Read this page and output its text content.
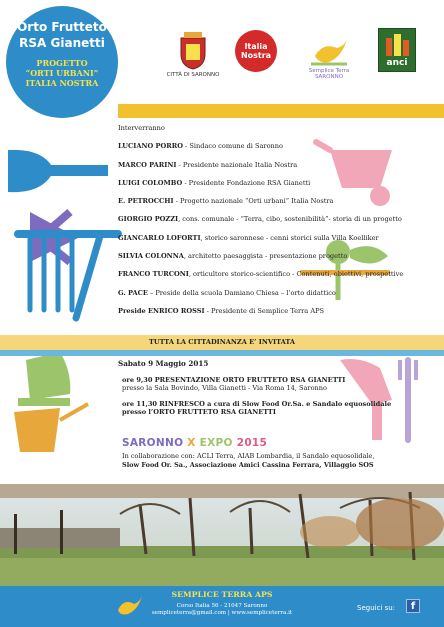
Orto Frutteto
RSA Gianetti
PROGETTO
“ORTI URBANI”
ITALIA NOSTRA
CITTÀ DI SARONNO
Italia Nostra
Semplice Terra
SARONNO
anci
Interverranno
LUCIANO PORRO - Sindaco comune di Saronno
MARCO PARINI - Presidente nazionale Italia Nostra
LUIGI COLOMBO - Presidente Fondazione RSA Gianetti
E. PETROCCHI - Progetto nazionale “Orti urbani” Italia Nostra
GIORGIO POZZI, cons. comunale - “Terra, cibo, sostenibilità”- storia di un progetto
GIANCARLO LOFORTI, storico saronnese - cenni storici sulla Villa Koelliker
SILVIA COLONNA, architetto paesaggista - presentazione progetto
FRANCO TURCONI, orticultore storico-scientifico - Contenuti, obiettivi, prospettive
G. PACE – Preside della scuola Damiano Chiesa – l’orto didattico
Preside ENRICO ROSSI - Presidente di Semplice Terra APS
TUTTA LA CITTADINANZA E’ INVITATA
Sabato 9 Maggio 2015
ore 9,30 PRESENTAZIONE ORTO FRUTTETO RSA GIANETTI
presso la Sala Bovindo, Villa Gianetti - Via Roma 14, Saronno
ore 11,30 RINFRESCO a cura di Slow Food Or.Sa. e Sandalo equosolidale
presso l’ORTO FRUTTETO RSA GIANETTI
SARONNO X EXPO 2015
In collaborazione con: ACLI Terra, AIAB Lombardia, il Sandalo equosolidale,
Slow Food Or. Sa., Associazione Amici Cassina Ferrara, Villaggio SOS
SEMPLICE TERRA APS
Corso Italia 56 - 21047 Saronno
sempliceterra@gmail.com | www.sempliceterra.it
Seguici su:	f
